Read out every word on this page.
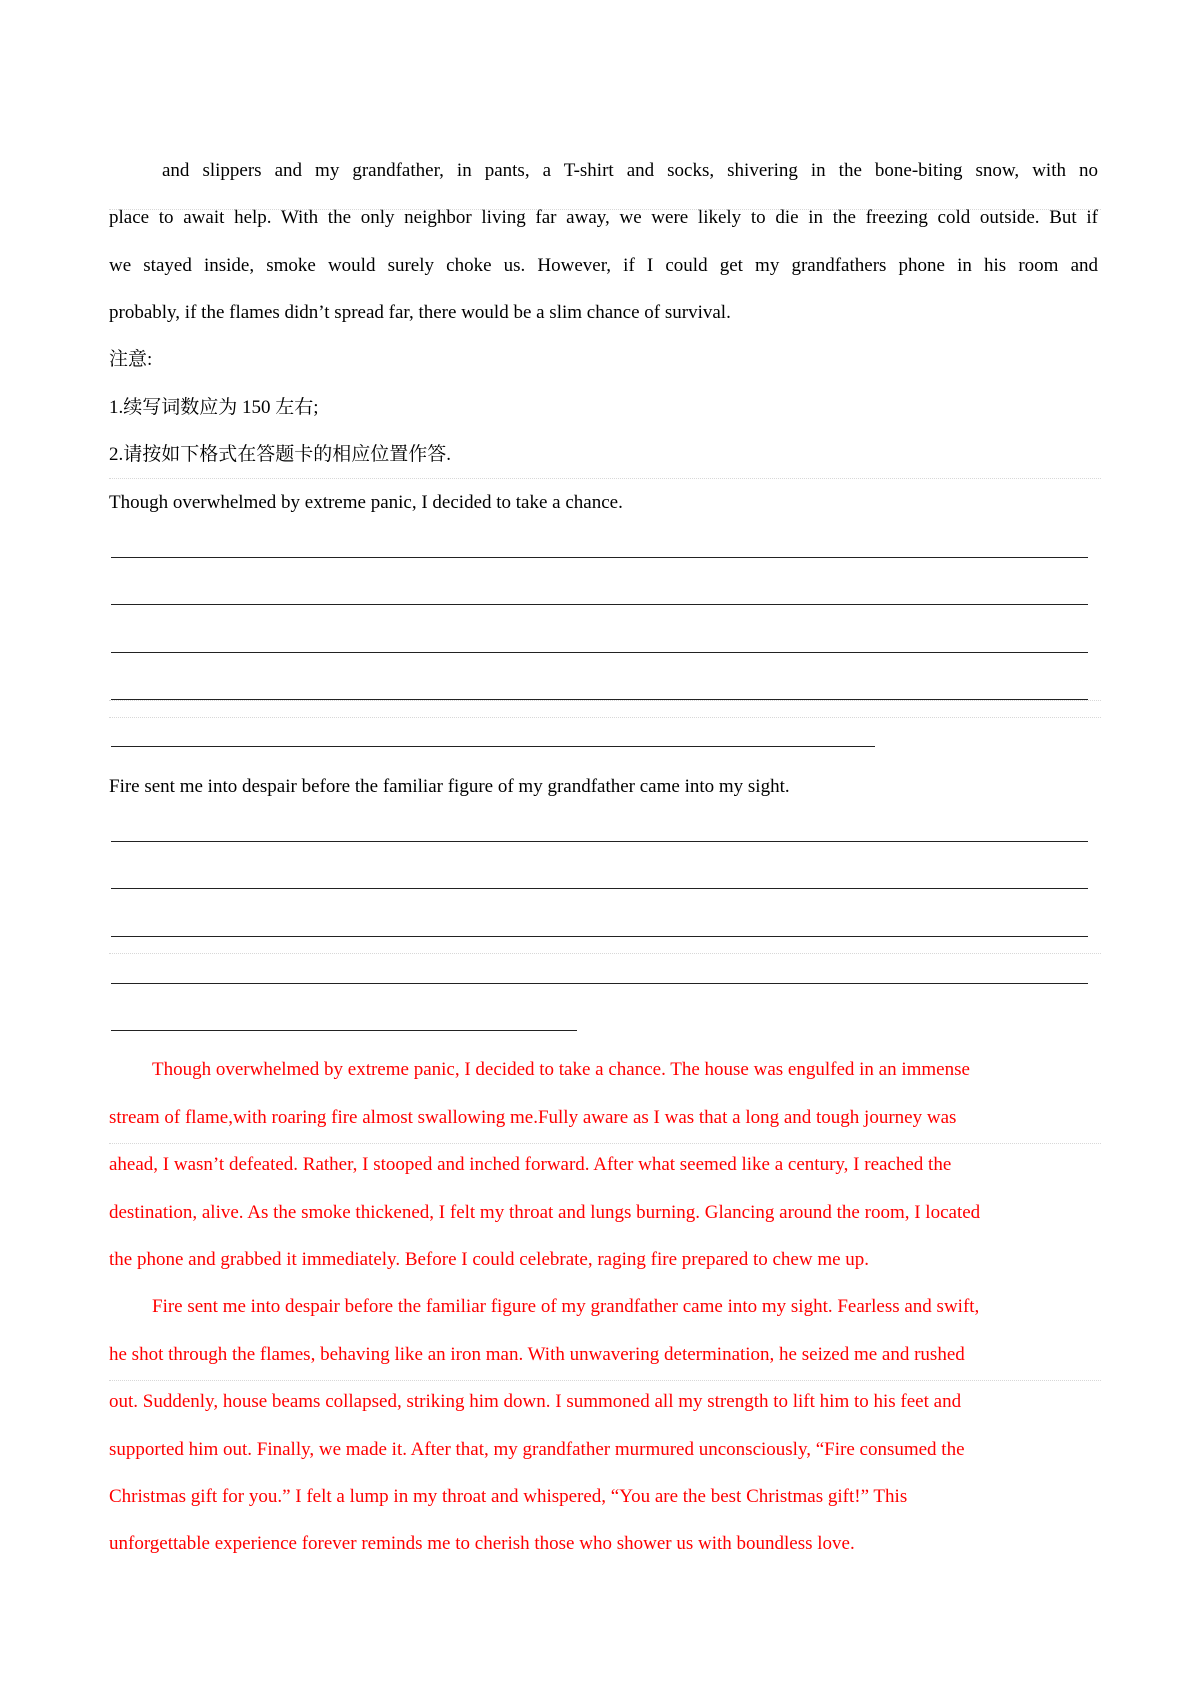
and slippers and my grandfather, in pants, a T-shirt and socks, shivering in the bone-biting snow, with no
place to await help. With the only neighbor living far away, we were likely to die in the freezing cold outside. But if
we stayed inside, smoke would surely choke us. However, if I could get my grandfathers phone in his room and
probably, if the flames didn’t spread far, there would be a slim chance of survival.
注意:
1.续写词数应为 150 左右;
2.请按如下格式在答题卡的相应位置作答.
Though overwhelmed by extreme panic, I decided to take a chance.
Fire sent me into despair before the familiar figure of my grandfather came into my sight.
Though overwhelmed by extreme panic, I decided to take a chance. The house was engulfed in an immense
stream of flame,with roaring fire almost swallowing me.Fully aware as I was that a long and tough journey was
ahead, I wasn’t defeated. Rather, I stooped and inched forward. After what seemed like a century, I reached the
destination, alive. As the smoke thickened, I felt my throat and lungs burning. Glancing around the room, I located
the phone and grabbed it immediately. Before I could celebrate, raging fire prepared to chew me up.
Fire sent me into despair before the familiar figure of my grandfather came into my sight. Fearless and swift,
he shot through the flames, behaving like an iron man. With unwavering determination, he seized me and rushed
out. Suddenly, house beams collapsed, striking him down. I summoned all my strength to lift him to his feet and
supported him out. Finally, we made it. After that, my grandfather murmured unconsciously, “Fire consumed the
Christmas gift for you.” I felt a lump in my throat and whispered, “You are the best Christmas gift!” This
unforgettable experience forever reminds me to cherish those who shower us with boundless love.
